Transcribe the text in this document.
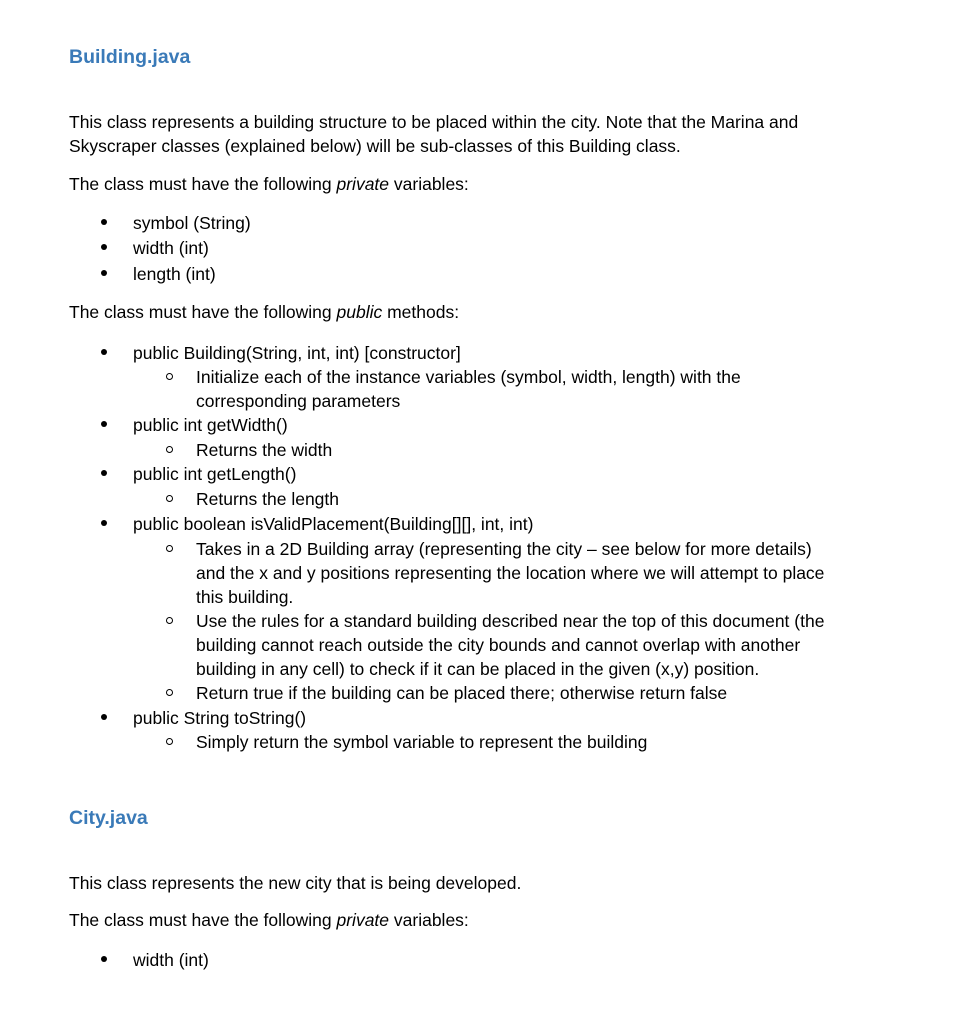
Building.java
This class represents a building structure to be placed within the city. Note that the Marina and
Skyscraper classes (explained below) will be sub-classes of this Building class.
The class must have the following private variables:
symbol (String)
width (int)
length (int)
The class must have the following public methods:
public Building(String, int, int) [constructor]
Initialize each of the instance variables (symbol, width, length) with the
corresponding parameters
public int getWidth()
Returns the width
public int getLength()
Returns the length
public boolean isValidPlacement(Building[][], int, int)
Takes in a 2D Building array (representing the city – see below for more details)
and the x and y positions representing the location where we will attempt to place
this building.
Use the rules for a standard building described near the top of this document (the
building cannot reach outside the city bounds and cannot overlap with another
building in any cell) to check if it can be placed in the given (x,y) position.
Return true if the building can be placed there; otherwise return false
public String toString()
Simply return the symbol variable to represent the building
City.java
This class represents the new city that is being developed.
The class must have the following private variables:
width (int)
